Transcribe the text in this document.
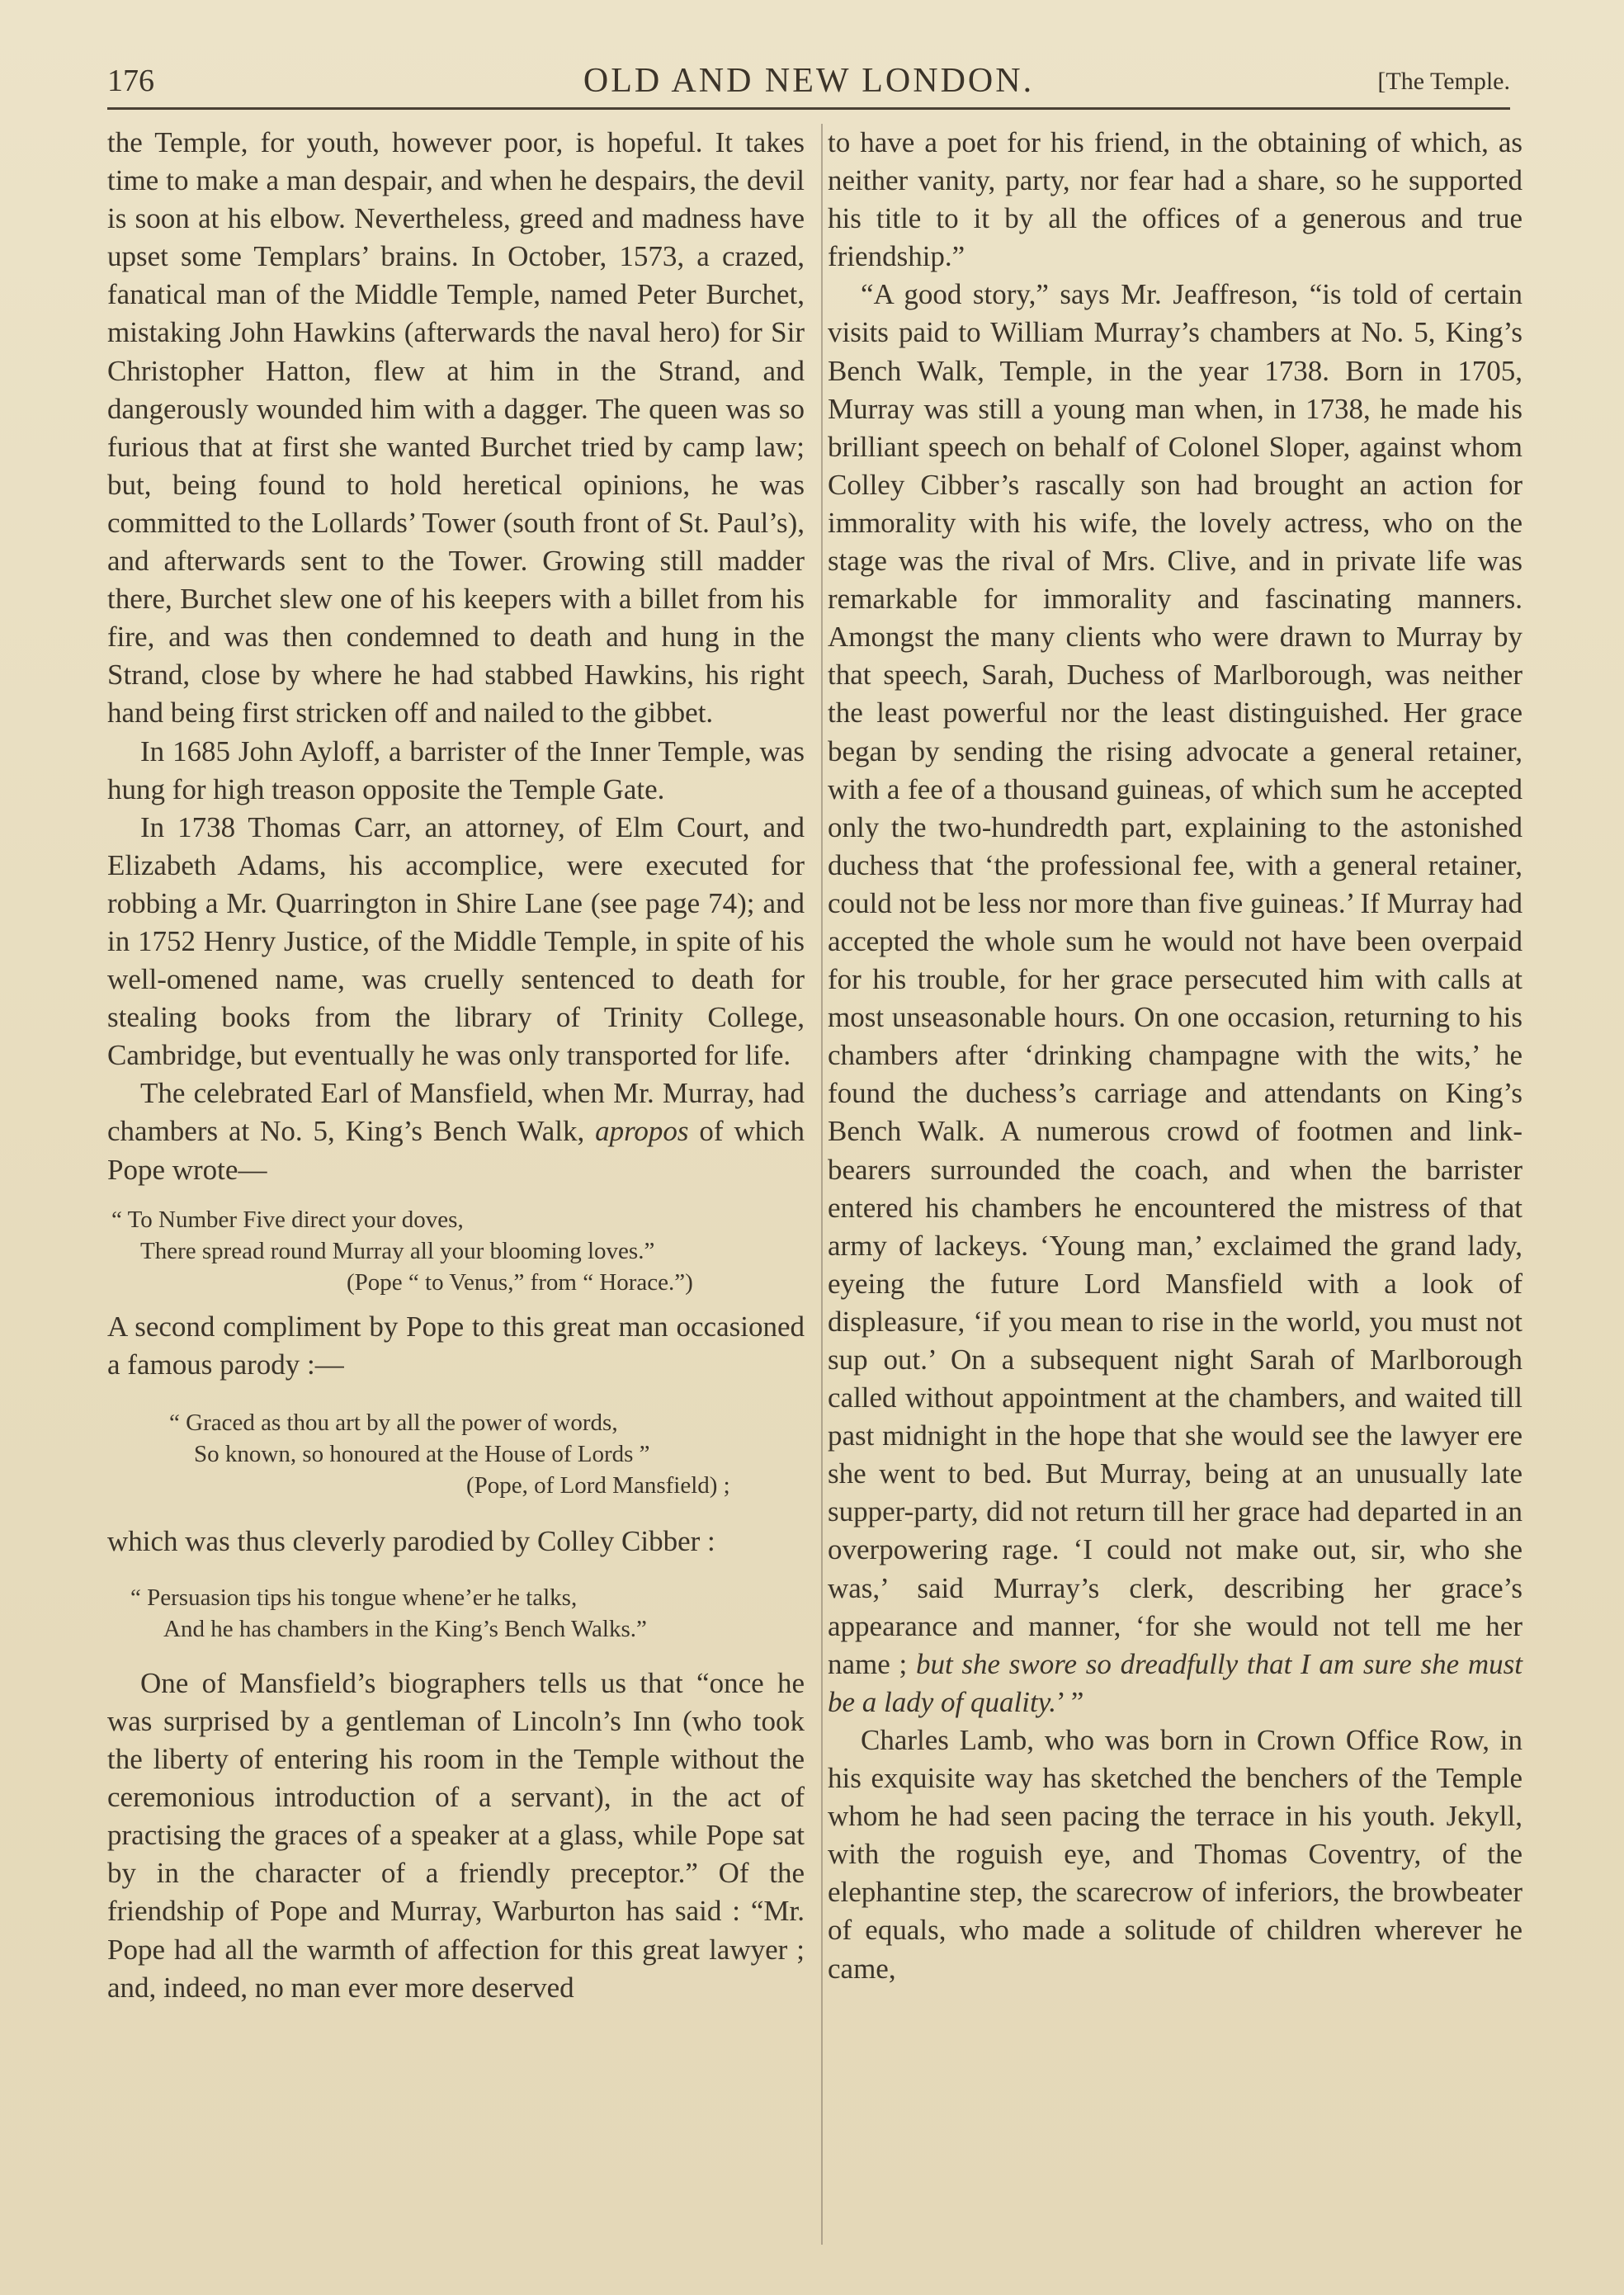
176	OLD AND NEW LONDON.	[The Temple.

the Temple, for youth, however poor, is hopeful. It takes time to make a man despair, and when he despairs, the devil is soon at his elbow. Nevertheless, greed and madness have upset some Templars’ brains. In October, 1573, a crazed, fanatical man of the Middle Temple, named Peter Burchet, mistaking John Hawkins (afterwards the naval hero) for Sir Christopher Hatton, flew at him in the Strand, and dangerously wounded him with a dagger. The queen was so furious that at first she wanted Burchet tried by camp law; but, being found to hold heretical opinions, he was committed to the Lollards’ Tower (south front of St. Paul’s), and afterwards sent to the Tower. Growing still madder there, Burchet slew one of his keepers with a billet from his fire, and was then condemned to death and hung in the Strand, close by where he had stabbed Hawkins, his right hand being first stricken off and nailed to the gibbet.

In 1685 John Ayloff, a barrister of the Inner Temple, was hung for high treason opposite the Temple Gate.

In 1738 Thomas Carr, an attorney, of Elm Court, and Elizabeth Adams, his accomplice, were executed for robbing a Mr. Quarrington in Shire Lane (see page 74); and in 1752 Henry Justice, of the Middle Temple, in spite of his well-omened name, was cruelly sentenced to death for stealing books from the library of Trinity College, Cambridge, but eventually he was only transported for life.

The celebrated Earl of Mansfield, when Mr. Murray, had chambers at No. 5, King’s Bench Walk, apropos of which Pope wrote—

“ To Number Five direct your doves,
There spread round Murray all your blooming loves.”
(Pope “ to Venus,” from “ Horace.”)

A second compliment by Pope to this great man occasioned a famous parody :—

“ Graced as thou art by all the power of words,
So known, so honoured at the House of Lords ”
(Pope, of Lord Mansfield) ;

which was thus cleverly parodied by Colley Cibber :

“ Persuasion tips his tongue whene’er he talks,
And he has chambers in the King’s Bench Walks.”

One of Mansfield’s biographers tells us that “once he was surprised by a gentleman of Lincoln’s Inn (who took the liberty of entering his room in the Temple without the ceremonious introduction of a servant), in the act of practising the graces of a speaker at a glass, while Pope sat by in the character of a friendly preceptor.” Of the friendship of Pope and Murray, Warburton has said : “Mr. Pope had all the warmth of affection for this great lawyer ; and, indeed, no man ever more deserved

to have a poet for his friend, in the obtaining of which, as neither vanity, party, nor fear had a share, so he supported his title to it by all the offices of a generous and true friendship.”

“A good story,” says Mr. Jeaffreson, “is told of certain visits paid to William Murray’s chambers at No. 5, King’s Bench Walk, Temple, in the year 1738. Born in 1705, Murray was still a young man when, in 1738, he made his brilliant speech on behalf of Colonel Sloper, against whom Colley Cibber’s rascally son had brought an action for immorality with his wife, the lovely actress, who on the stage was the rival of Mrs. Clive, and in private life was remarkable for immorality and fascinating manners. Amongst the many clients who were drawn to Murray by that speech, Sarah, Duchess of Marlborough, was neither the least powerful nor the least distinguished. Her grace began by sending the rising advocate a general retainer, with a fee of a thousand guineas, of which sum he accepted only the two-hundredth part, explaining to the astonished duchess that ‘the professional fee, with a general retainer, could not be less nor more than five guineas.’ If Murray had accepted the whole sum he would not have been overpaid for his trouble, for her grace persecuted him with calls at most unseasonable hours. On one occasion, returning to his chambers after ‘drinking champagne with the wits,’ he found the duchess’s carriage and attendants on King’s Bench Walk. A numerous crowd of footmen and link-bearers surrounded the coach, and when the barrister entered his chambers he encountered the mistress of that army of lackeys. ‘Young man,’ exclaimed the grand lady, eyeing the future Lord Mansfield with a look of displeasure, ‘if you mean to rise in the world, you must not sup out.’ On a subsequent night Sarah of Marlborough called without appointment at the chambers, and waited till past midnight in the hope that she would see the lawyer ere she went to bed. But Murray, being at an unusually late supper-party, did not return till her grace had departed in an overpowering rage. ‘I could not make out, sir, who she was,’ said Murray’s clerk, describing her grace’s appearance and manner, ‘for she would not tell me her name ; but she swore so dreadfully that I am sure she must be a lady of quality.’ ”

Charles Lamb, who was born in Crown Office Row, in his exquisite way has sketched the benchers of the Temple whom he had seen pacing the terrace in his youth. Jekyll, with the roguish eye, and Thomas Coventry, of the elephantine step, the scarecrow of inferiors, the browbeater of equals, who made a solitude of children wherever he came,
